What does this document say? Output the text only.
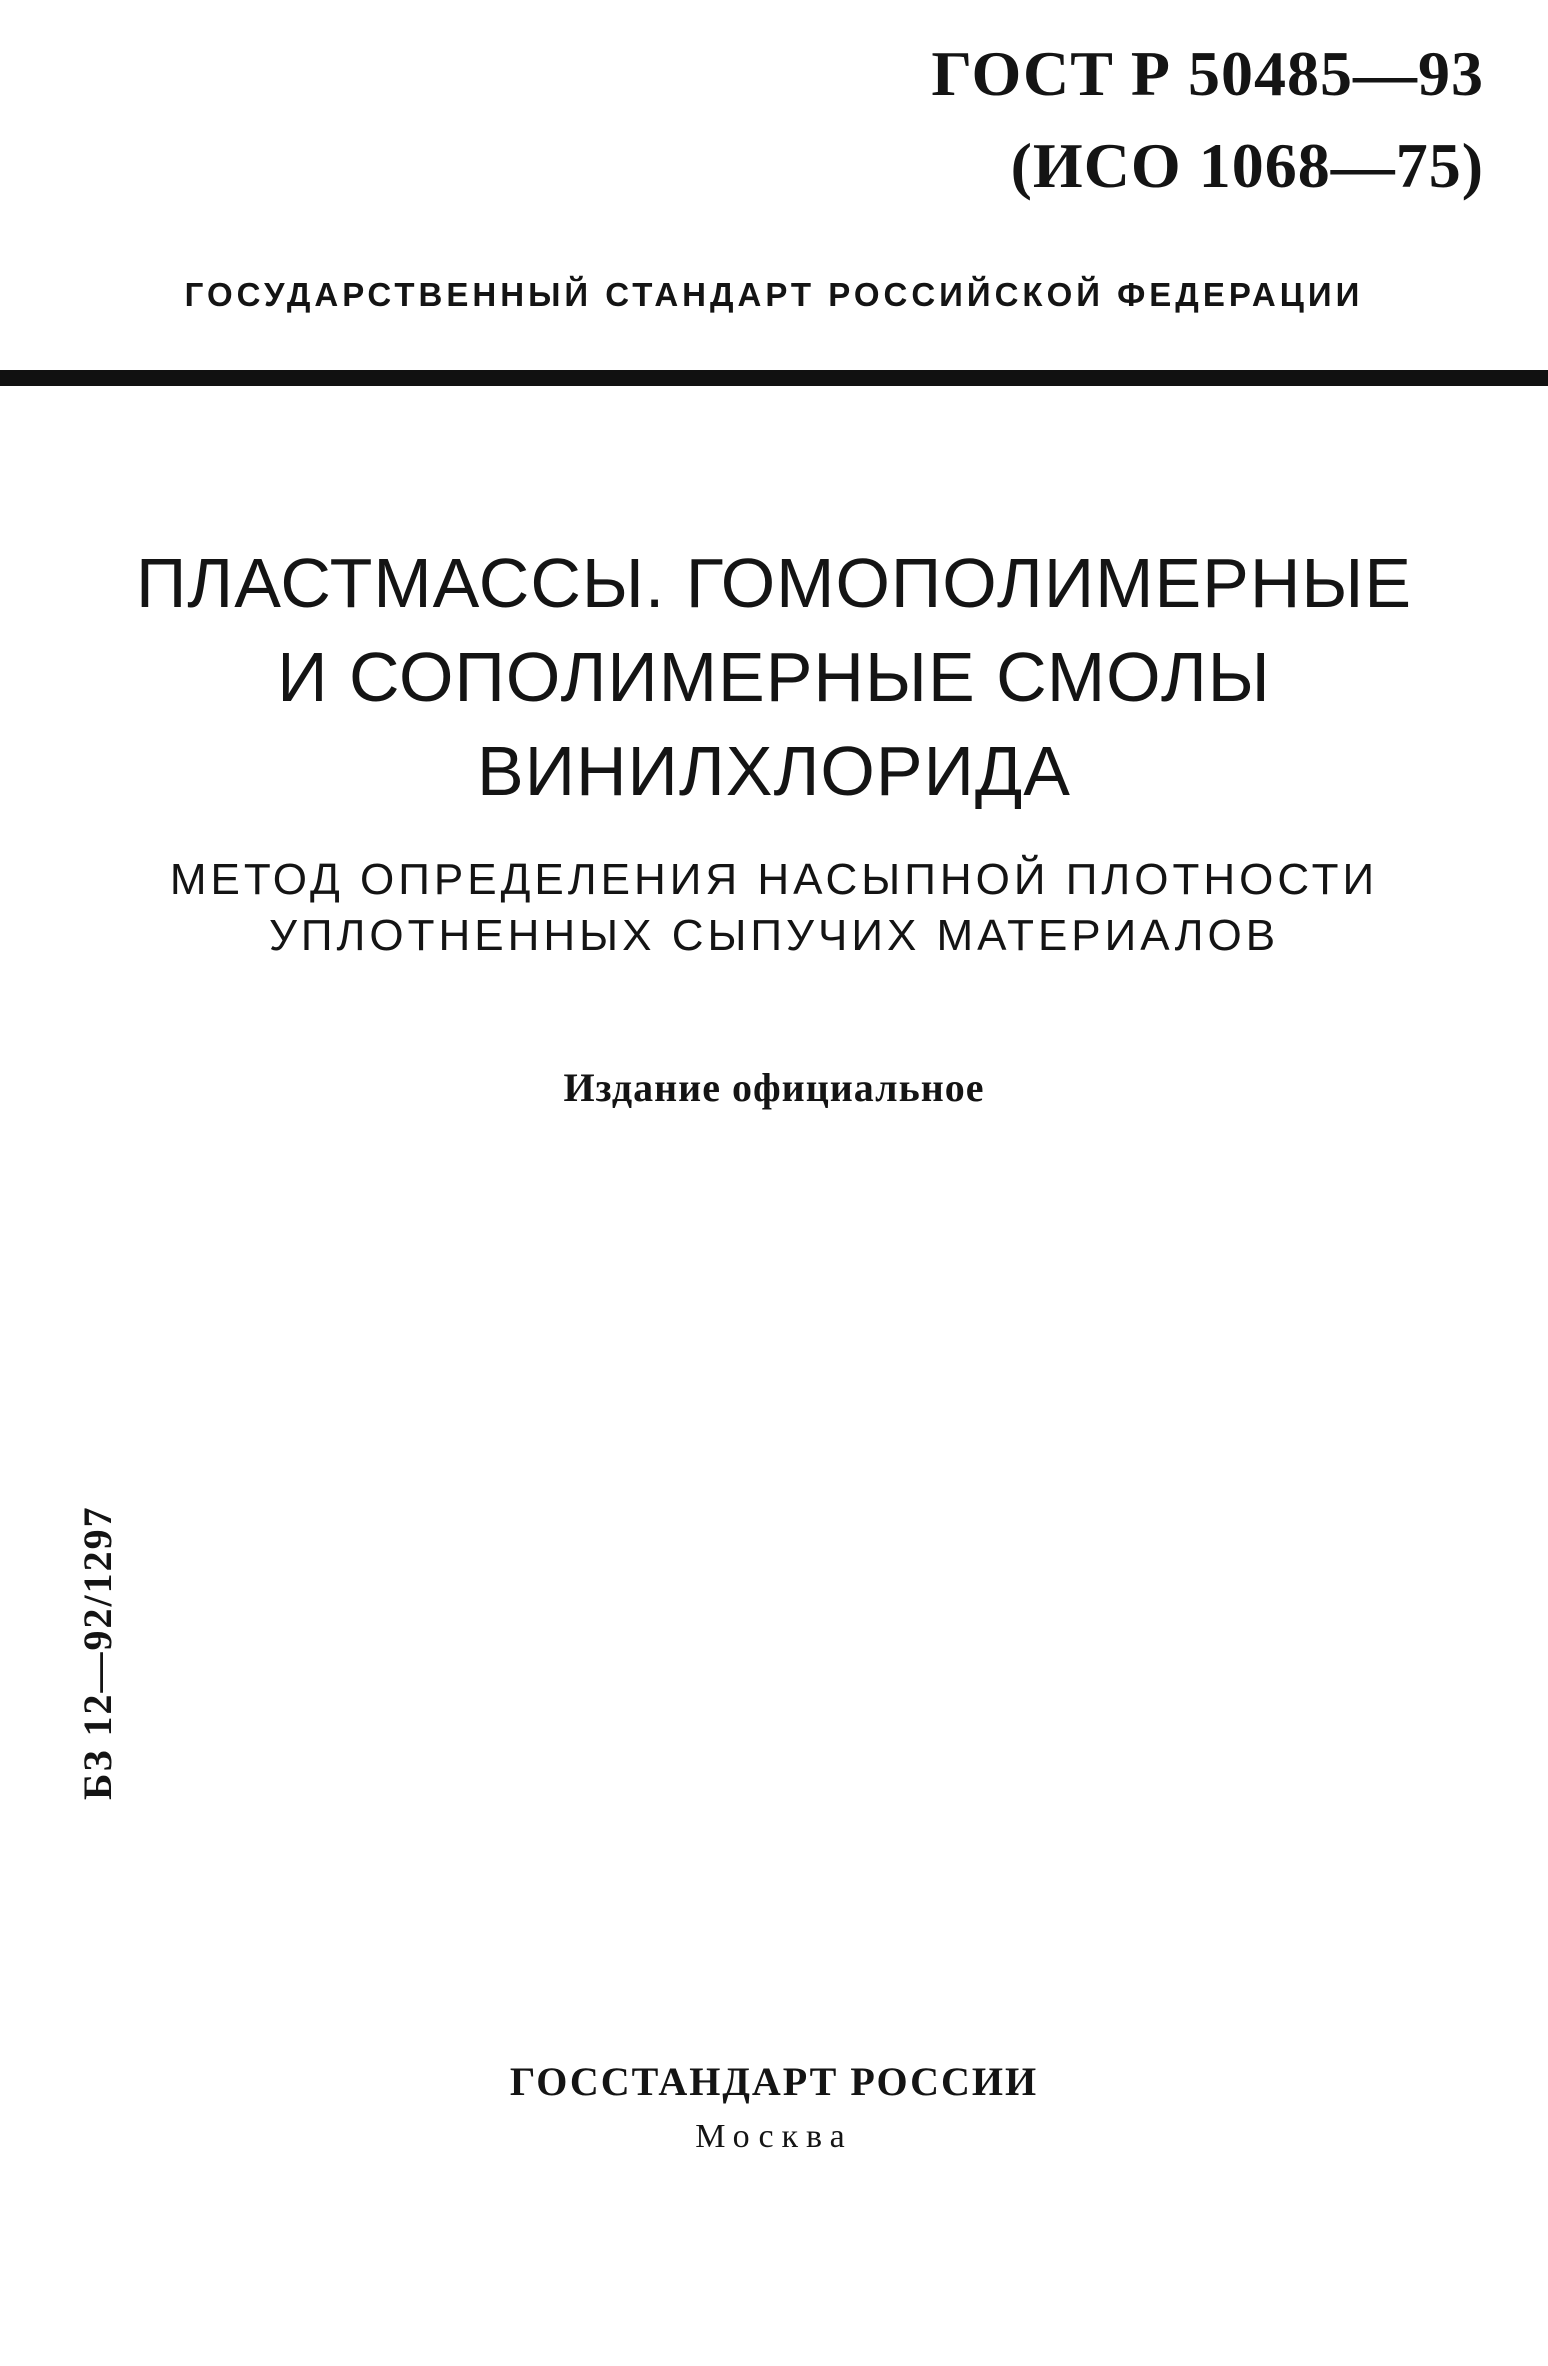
ГОСТ Р 50485—93
(ИСО 1068—75)
ГОСУДАРСТВЕННЫЙ СТАНДАРТ РОССИЙСКОЙ ФЕДЕРАЦИИ
ПЛАСТМАССЫ. ГОМОПОЛИМЕРНЫЕ
И СОПОЛИМЕРНЫЕ СМОЛЫ
ВИНИЛХЛОРИДА
МЕТОД ОПРЕДЕЛЕНИЯ НАСЫПНОЙ ПЛОТНОСТИ
УПЛОТНЕННЫХ СЫПУЧИХ МАТЕРИАЛОВ
Издание официальное
БЗ 12—92/1297
ГОССТАНДАРТ РОССИИ
Москва
